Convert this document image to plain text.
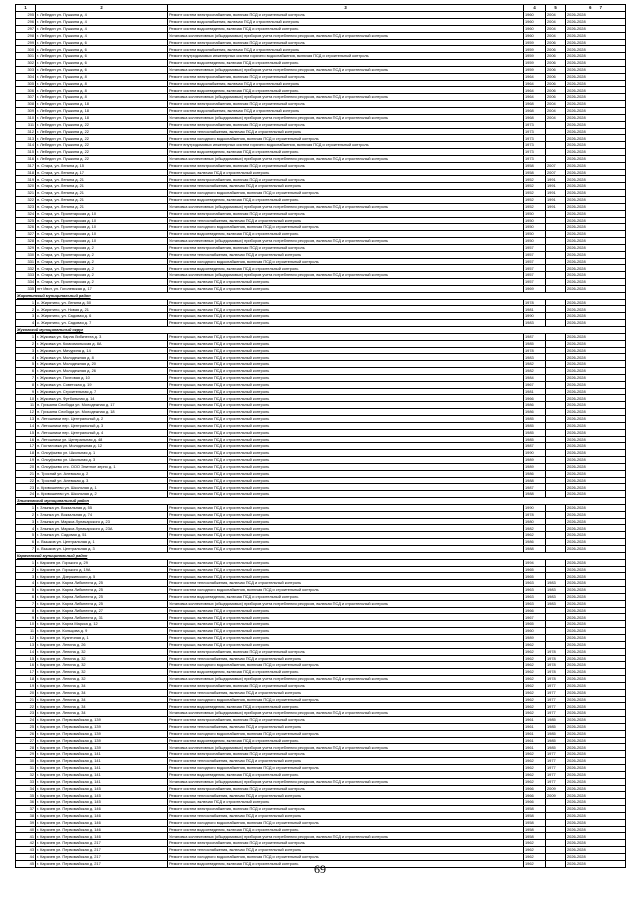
1	2	3	4	5	6 7
295	г. Лебедин ул. Пушкина д. 4	Ремонт систем электроснабжения, включая ПСД и строительный контроль	1960	2004	2026-2028
296	г. Лебедин ул. Пушкина д. 4	Ремонт систем водоснабжения, включая ПСД и строительный контроль	1960	2004	2026-2028
297	г. Лебедин ул. Пушкина д. 4	Ремонт систем водоотведения, включая ПСД и строительный контроль	1960	2004	2026-2028
298	г. Лебедин ул. Пушкина д. 4	Установка коллективных (общедомовых) приборов учета потребления ресурсов, включая ПСД и строительный контроль	1960	2004	2026-2028
299	г. Лебедин ул. Пушкина д. 6	Ремонт систем электроснабжения, включая ПСД и строительный контроль	1959	2006	2026-2028
300	г. Лебедин ул. Пушкина д. 6	Ремонт систем водоснабжения, включая ПСД и строительный контроль	1959	2006	2026-2028
301	г. Лебедин ул. Пушкина д. 6	Ремонт внутридомовых инженерных систем горячего водоснабжения, включая ПСД и строительный контроль	1959	2006	2026-2028
302	г. Лебедин ул. Пушкина д. 6	Ремонт систем водоотведения, включая ПСД и строительный контроль	1959	2006	2026-2028
303	г. Лебедин ул. Пушкина д. 6	Установка коллективных (общедомовых) приборов учета потребления ресурсов, включая ПСД и строительный контроль	1959	2006	2026-2028
304	г. Лебедин ул. Пушкина д. 8	Ремонт систем электроснабжения, включая ПСД и строительный контроль	1964	2006	2026-2028
305	г. Лебедин ул. Пушкина д. 8	Ремонт систем водоснабжения, включая ПСД и строительный контроль	1964	2006	2026-2028
306	г. Лебедин ул. Пушкина д. 8	Ремонт систем водоотведения, включая ПСД и строительный контроль	1964	2006	2026-2028
307	г. Лебедин ул. Пушкина д. 8	Установка коллективных (общедомовых) приборов учета потребления ресурсов, включая ПСД и строительный контроль	1964	2006	2026-2028
308	г. Лебедин ул. Пушкина д. 18	Ремонт систем электроснабжения, включая ПСД и строительный контроль	1968	2004	2026-2028
309	г. Лебедин ул. Пушкина д. 18	Ремонт систем водоснабжения, включая ПСД и строительный контроль	1968	2004	2026-2028
310	г. Лебедин ул. Пушкина д. 18	Установка коллективных (общедомовых) приборов учета потребления ресурсов, включая ПСД и строительный контроль	1968	2004	2026-2028
311	г. Лебедин ул. Пушкина д. 22	Ремонт систем электроснабжения, включая ПСД и строительный контроль	1973		2026-2028
312	г. Лебедин ул. Пушкина д. 22	Ремонт систем теплоснабжения, включая ПСД и строительный контроль	1973		2026-2028
313	г. Лебедин ул. Пушкина д. 22	Ремонт систем холодного водоснабжения, включая ПСД и строительный контроль	1973		2026-2028
314	г. Лебедин ул. Пушкина д. 22	Ремонт внутридомовых инженерных систем горячего водоснабжения, включая ПСД и строительный контроль	1973		2026-2028
315	г. Лебедин ул. Пушкина д. 22	Ремонт систем водоотведения, включая ПСД и строительный контроль	1973		2026-2028
316	г. Лебедин ул. Пушкина д. 22	Установка коллективных (общедомовых) приборов учета потребления ресурсов, включая ПСД и строительный контроль	1973		2026-2028
317	п. Стара, ул. Ленина д. 15	Ремонт систем электроснабжения, включая ПСД и строительный контроль	1958	2007	2026-2028
318	п. Стара, ул. Ленина д. 17	Ремонт крыши, включая ПСД и строительный контроль	1958	2007	2026-2028
319	п. Стара, ул. Ленина д. 21	Ремонт систем электроснабжения, включая ПСД и строительный контроль	1952	1991	2026-2028
320	п. Стара, ул. Ленина д. 21	Ремонт систем теплоснабжения, включая ПСД и строительный контроль	1952	1991	2026-2028
321	п. Стара, ул. Ленина д. 21	Ремонт систем холодного водоснабжения, включая ПСД и строительный контроль	1952	1991	2026-2028
322	п. Стара, ул. Ленина д. 21	Ремонт систем водоотведения, включая ПСД и строительный контроль	1952	1991	2026-2028
323	п. Стара, ул. Ленина д. 21	Установка коллективных (общедомовых) приборов учета потребления ресурсов, включая ПСД и строительный контроль	1952	1991	2026-2028
324	п. Стара, ул. Пролетарская д. 10	Ремонт систем электроснабжения, включая ПСД и строительный контроль	1950		2026-2028
325	п. Стара, ул. Пролетарская д. 10	Ремонт систем теплоснабжения, включая ПСД и строительный контроль	1950		2026-2028
326	п. Стара, ул. Пролетарская д. 10	Ремонт систем холодного водоснабжения, включая ПСД и строительный контроль	1950		2026-2028
327	п. Стара, ул. Пролетарская д. 10	Ремонт систем водоотведения, включая ПСД и строительный контроль	1950		2026-2028
328	п. Стара, ул. Пролетарская д. 10	Установка коллективных (общедомовых) приборов учета потребления ресурсов, включая ПСД и строительный контроль	1950		2026-2028
329	п. Стара, ул. Пролетарская д. 2	Ремонт систем электроснабжения, включая ПСД и строительный контроль	1957		2026-2028
330	п. Стара, ул. Пролетарская д. 2	Ремонт систем теплоснабжения, включая ПСД и строительный контроль	1957		2026-2028
331	п. Стара, ул. Пролетарская д. 2	Ремонт систем холодного водоснабжения, включая ПСД и строительный контроль	1957		2026-2028
332	п. Стара, ул. Пролетарская д. 2	Ремонт систем водоотведения, включая ПСД и строительный контроль	1957		2026-2028
333	п. Стара, ул. Пролетарская д. 2	Установка коллективных (общедомовых) приборов учета потребления ресурсов, включая ПСД и строительный контроль	1957		2026-2028
334	п. Стара, ул. Пролетарская д. 2	Ремонт крыши, включая ПСД и строительный контроль	1957		2026-2028
335	пгт Ивот, ул. Гоголевская д. 17	Ремонт крыши, включая ПСД и строительный контроль	1969		2026-2028
Жирятинский муниципальный район					
1	с. Жирятино, ул. Ленина д. 50	Ремонт крыши, включая ПСД и строительный контроль	1978		2026-2028
2	с. Жирятино, ул. Новая д. 21	Ремонт крыши, включая ПСД и строительный контроль	1981		2026-2028
3	с. Жирятино, ул. Садовая д. 6	Ремонт крыши, включая ПСД и строительный контроль	1990		2026-2028
4	с. Жирятино, ул. Садовая д. 7	Ремонт крыши, включая ПСД и строительный контроль	1983		2026-2028
Жуковский муниципальный округ					
1	г. Жуковка ул. Карла Либкнехта д. 3	Ремонт крыши, включая ПСД и строительный контроль	1987		2026-2028
2	г. Жуковка ул. Комсомольская д. 8А	Ремонт крыши, включая ПСД и строительный контроль	1985		2026-2028
3	г. Жуковка ул. Мичурина д. 14	Ремонт крыши, включая ПСД и строительный контроль	1978		2026-2028
4	г. Жуковка ул. Молодежная д. 8	Ремонт крыши, включая ПСД и строительный контроль	1983		2026-2028
5	г. Жуковка ул. Молодежная д. 20	Ремонт крыши, включая ПСД и строительный контроль	1982		2026-2028
6	г. Жуковка ул. Молодежная д. 26	Ремонт крыши, включая ПСД и строительный контроль	1982		2026-2028
7	г. Жуковка ул. Почтовая д. 10	Ремонт крыши, включая ПСД и строительный контроль	1984		2026-2028
8	г. Жуковка ул. Советская д. 19	Ремонт крыши, включая ПСД и строительный контроль	1967		2026-2028
9	г. Жуковка ул. Строительная д. 7	Ремонт крыши, включая ПСД и строительный контроль	1981		2026-2028
10	г. Жуковка ул. Футбольная д. 14	Ремонт крыши, включая ПСД и строительный контроль	1966		2026-2028
11	п. Гришина Слобода ул. Молодежная д. 17	Ремонт крыши, включая ПСД и строительный контроль	1986		2026-2028
12	п. Гришина Слобода ул. Молодежная д. 18	Ремонт крыши, включая ПСД и строительный контроль	1986		2026-2028
13	п. Летошники пер. Центральный д. 2	Ремонт крыши, включая ПСД и строительный контроль	1985		2026-2028
14	п. Летошники пер. Центральный д. 3	Ремонт крыши, включая ПСД и строительный контроль	1985		2026-2028
15	п. Летошники пер. Центральный д. 4	Ремонт крыши, включая ПСД и строительный контроль	1985		2026-2028
16	п. Летошники ул. Центральная д. 48	Ремонт крыши, включая ПСД и строительный контроль	1985		2026-2028
17	п. Гостиловка ул. Молодежная д. 12	Ремонт крыши, включая ПСД и строительный контроль	1987		2026-2028
18	п. Олсуфьево ул. Школьная д. 1	Ремонт крыши, включая ПСД и строительный контроль	1990		2026-2028
19	п. Олсуфьево ул. Школьная д. 3	Ремонт крыши, включая ПСД и строительный контроль	1989		2026-2028
20	п. Олсуфьево стс. ООО Элитное зерно д. 1	Ремонт крыши, включая ПСД и строительный контроль	1989		2026-2028
21	п. Троснай ул. Алевская д. 2	Ремонт крыши, включая ПСД и строительный контроль	1986		2026-2028
22	п. Троснай ул. Алевская д. 3	Ремонт крыши, включая ПСД и строительный контроль	1988		2026-2028
23	с. Кривошеево ул. Школьная д. 1	Ремонт крыши, включая ПСД и строительный контроль	1987		2026-2028
24	с. Кривошеево ул. Школьная д. 2	Ремонт крыши, включая ПСД и строительный контроль	1988		2026-2028
Злынковский муниципальный район					
1	г. Злынка ул. Вокзальная д. 55	Ремонт крыши, включая ПСД и строительный контроль	1990		2026-2028
2	г. Злынка ул. Вокзальная д. 74	Ремонт крыши, включая ПСД и строительный контроль	1978		2026-2028
3	г. Злынка ул. Маркса Луначарского д. 23	Ремонт крыши, включая ПСД и строительный контроль	1980		2026-2028
4	г. Злынка ул. Маркса Луначарского д. 23А	Ремонт крыши, включая ПСД и строительный контроль	1982		2026-2028
5	г. Злынка ул. Садовая д. 51	Ремонт крыши, включая ПСД и строительный контроль	1962		2026-2028
6	с. Вышков ул. Центральная д. 1	Ремонт крыши, включая ПСД и строительный контроль	1986		2026-2028
7	с. Вышков ул. Центральная д. 3	Ремонт крыши, включая ПСД и строительный контроль	1988		2026-2028
Карачевский муниципальный район					
1	г. Карачев ул. Горького д. 29	Ремонт крыши, включая ПСД и строительный контроль	1994		2026-2028
2	г. Карачев ул. Горького д. 19А	Ремонт крыши, включая ПСД и строительный контроль	1965		2026-2028
3	г. Карачев ул. Дзержинского д. 5	Ремонт крыши, включая ПСД и строительный контроль	1965		2026-2028
4	г. Карачев ул. Карла Либкнехта д. 25	Ремонт систем теплоснабжения, включая ПСД и строительный контроль	1963	1983	2026-2028
5	г. Карачев ул. Карла Либкнехта д. 25	Ремонт систем холодного водоснабжения, включая ПСД и строительный контроль	1963	1983	2026-2028
6	г. Карачев ул. Карла Либкнехта д. 25	Ремонт систем водоотведения, включая ПСД и строительный контроль	1963	1983	2026-2028
7	г. Карачев ул. Карла Либкнехта д. 25	Установка коллективных (общедомовых) приборов учета потребления ресурсов, включая ПСД и строительный контроль	1963	1983	2026-2028
8	г. Карачев ул. Карла Либкнехта д. 27	Ремонт крыши, включая ПСД и строительный контроль	1966		2026-2028
9	г. Карачев ул. Карла Либкнехта д. 31	Ремонт крыши, включая ПСД и строительный контроль	1967		2026-2028
10	г. Карачев ул. Карла Маркса д. 12	Ремонт крыши, включая ПСД и строительный контроль	1965		2026-2028
11	г. Карачев ул. Кольцова д. 9	Ремонт крыши, включая ПСД и строительный контроль	1960		2026-2028
12	г. Карачев ул. Кузнечная д. 1	Ремонт крыши, включая ПСД и строительный контроль	1989		2026-2028
13	г. Карачев ул. Ленина д. 26	Ремонт крыши, включая ПСД и строительный контроль	1962		2026-2028
14	г. Карачев ул. Ленина д. 32	Ремонт систем электроснабжения, включая ПСД и строительный контроль	1962	1978	2026-2028
15	г. Карачев ул. Ленина д. 32	Ремонт систем теплоснабжения, включая ПСД и строительный контроль	1962	1978	2026-2028
16	г. Карачев ул. Ленина д. 32	Ремонт систем холодного водоснабжения, включая ПСД и строительный контроль	1962	1978	2026-2028
17	г. Карачев ул. Ленина д. 32	Ремонт систем водоотведения, включая ПСД и строительный контроль	1962	1978	2026-2028
18	г. Карачев ул. Ленина д. 32	Установка коллективных (общедомовых) приборов учета потребления ресурсов, включая ПСД и строительный контроль	1962	1978	2026-2028
19	г. Карачев ул. Ленина д. 34	Ремонт систем электроснабжения, включая ПСД и строительный контроль	1962	1977	2026-2028
20	г. Карачев ул. Ленина д. 34	Ремонт систем теплоснабжения, включая ПСД и строительный контроль	1962	1977	2026-2028
21	г. Карачев ул. Ленина д. 34	Ремонт систем холодного водоснабжения, включая ПСД и строительный контроль	1962	1977	2026-2028
22	г. Карачев ул. Ленина д. 34	Ремонт систем водоотведения, включая ПСД и строительный контроль	1962	1977	2026-2028
23	г. Карачев ул. Ленина д. 34	Установка коллективных (общедомовых) приборов учета потребления ресурсов, включая ПСД и строительный контроль	1962	1977	2026-2028
24	г. Карачев ул. Первомайская д. 139	Ремонт систем электроснабжения, включая ПСД и строительный контроль	1961	1985	2026-2028
25	г. Карачев ул. Первомайская д. 139	Ремонт систем теплоснабжения, включая ПСД и строительный контроль	1961	1985	2026-2028
26	г. Карачев ул. Первомайская д. 139	Ремонт систем холодного водоснабжения, включая ПСД и строительный контроль	1961	1985	2026-2028
27	г. Карачев ул. Первомайская д. 139	Ремонт систем водоотведения, включая ПСД и строительный контроль	1961	1985	2026-2028
28	г. Карачев ул. Первомайская д. 139	Установка коллективных (общедомовых) приборов учета потребления ресурсов, включая ПСД и строительный контроль	1961	1985	2026-2028
29	г. Карачев ул. Первомайская д. 141	Ремонт систем электроснабжения, включая ПСД и строительный контроль	1962	1977	2026-2028
30	г. Карачев ул. Первомайская д. 141	Ремонт систем теплоснабжения, включая ПСД и строительный контроль	1962	1977	2026-2028
31	г. Карачев ул. Первомайская д. 141	Ремонт систем холодного водоснабжения, включая ПСД и строительный контроль	1962	1977	2026-2028
32	г. Карачев ул. Первомайская д. 141	Ремонт систем водоотведения, включая ПСД и строительный контроль	1962	1977	2026-2028
33	г. Карачев ул. Первомайская д. 141	Установка коллективных (общедомовых) приборов учета потребления ресурсов, включая ПСД и строительный контроль	1962	1977	2026-2028
34	г. Карачев ул. Первомайская д. 145	Ремонт систем электроснабжения, включая ПСД и строительный контроль	1966	2009	2026-2028
35	г. Карачев ул. Первомайская д. 145	Ремонт систем теплоснабжения, включая ПСД и строительный контроль	1966	2009	2026-2028
36	г. Карачев ул. Первомайская д. 145	Ремонт крыши, включая ПСД и строительный контроль	1966		2026-2028
37	г. Карачев ул. Первомайская д. 146	Ремонт систем электроснабжения, включая ПСД и строительный контроль	1958		2026-2028
38	г. Карачев ул. Первомайская д. 146	Ремонт систем теплоснабжения, включая ПСД и строительный контроль	1958		2026-2028
39	г. Карачев ул. Первомайская д. 146	Ремонт систем холодного водоснабжения, включая ПСД и строительный контроль	1958		2026-2028
40	г. Карачев ул. Первомайская д. 146	Ремонт систем водоотведения, включая ПСД и строительный контроль	1958		2026-2028
41	г. Карачев ул. Первомайская д. 146	Установка коллективных (общедомовых) приборов учета потребления ресурсов, включая ПСД и строительный контроль	1958		2026-2028
42	г. Карачев ул. Первомайская д. 217	Ремонт систем электроснабжения, включая ПСД и строительный контроль	1962		2026-2028
43	г. Карачев ул. Первомайская д. 217	Ремонт систем теплоснабжения, включая ПСД и строительный контроль	1962		2026-2028
44	г. Карачев ул. Первомайская д. 217	Ремонт систем холодного водоснабжения, включая ПСД и строительный контроль	1962		2026-2028
45	г. Карачев ул. Первомайская д. 217	Ремонт систем водоотведения, включая ПСД и строительный контроль	1962		2026-2028
69
